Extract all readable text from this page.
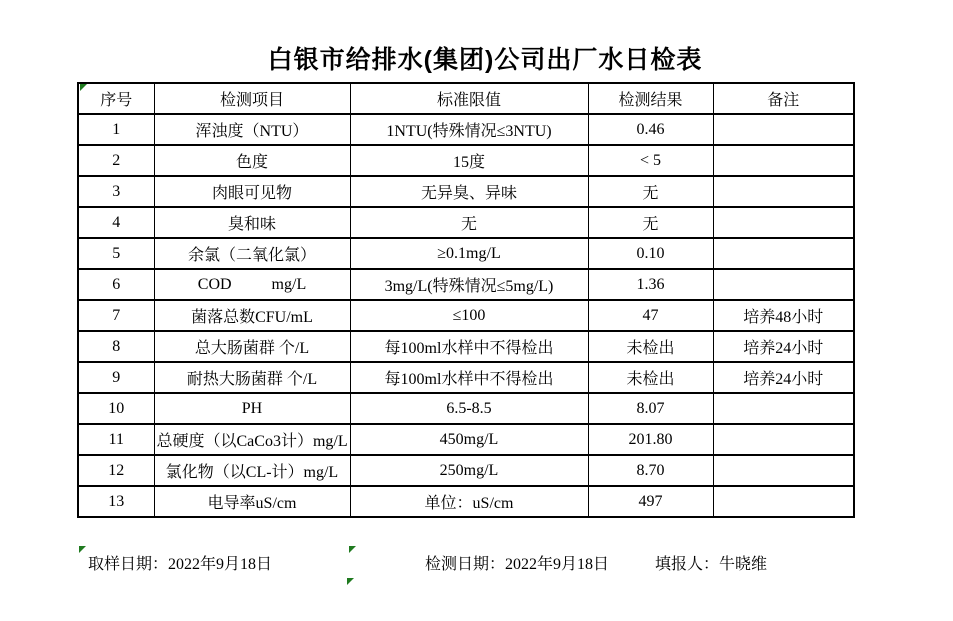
白银市给排水(集团)公司出厂水日检表
序号	检测项目	标准限值	检测结果	备注
1	浑浊度（NTU）	1NTU(特殊情况≤3NTU)	0.46	
2	色度	15度	< 5	
3	肉眼可见物	无异臭、异味	无	
4	臭和味	无	无	
5	余氯（二氧化氯）	≥0.1mg/L	0.10	
6	COD          mg/L	3mg/L(特殊情况≤5mg/L)	1.36	
7	菌落总数CFU/mL	≤100	47	培养48小时
8	总大肠菌群 个/L	每100ml水样中不得检出	未检出	培养24小时
9	耐热大肠菌群 个/L	每100ml水样中不得检出	未检出	培养24小时
10	PH	6.5-8.5	8.07	
11	总硬度（以CaCo3计）mg/L	450mg/L	201.80	
12	氯化物（以CL-计）mg/L	250mg/L	8.70	
13	电导率uS/cm	单位：uS/cm	497	
取样日期：2022年9月18日	检测日期：2022年9月18日	填报人：牛晓维
